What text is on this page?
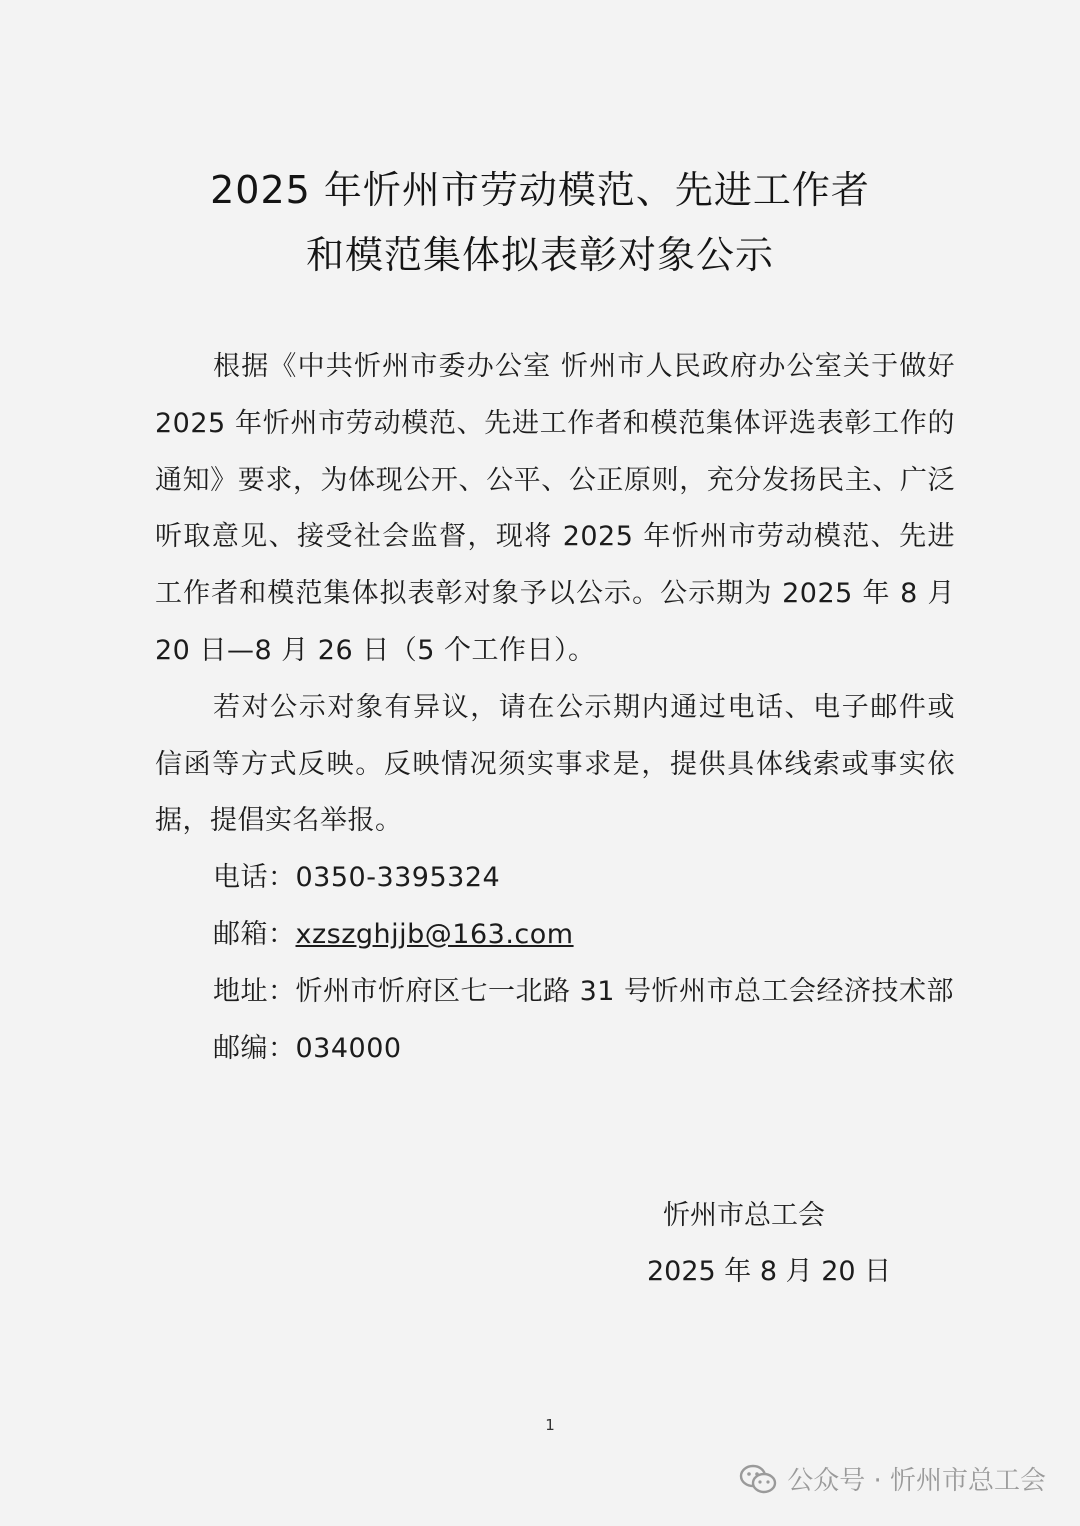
2025 年忻州市劳动模范、先进工作者
和模范集体拟表彰对象公示

根据《中共忻州市委办公室 忻州市人民政府办公室关于做好 2025 年忻州市劳动模范、先进工作者和模范集体评选表彰工作的通知》要求，为体现公开、公平、公正原则，充分发扬民主、广泛听取意见、接受社会监督，现将 2025 年忻州市劳动模范、先进工作者和模范集体拟表彰对象予以公示。公示期为 2025 年 8 月 20 日—8 月 26 日（5 个工作日）。

若对公示对象有异议，请在公示期内通过电话、电子邮件或信函等方式反映。反映情况须实事求是，提供具体线索或事实依据，提倡实名举报。

电话：0350-3395324

邮箱：xzszghjjb@163.com

地址：忻州市忻府区七一北路 31 号忻州市总工会经济技术部

邮编：034000

忻州市总工会
2025 年 8 月 20 日
1
公众号 · 忻州市总工会
